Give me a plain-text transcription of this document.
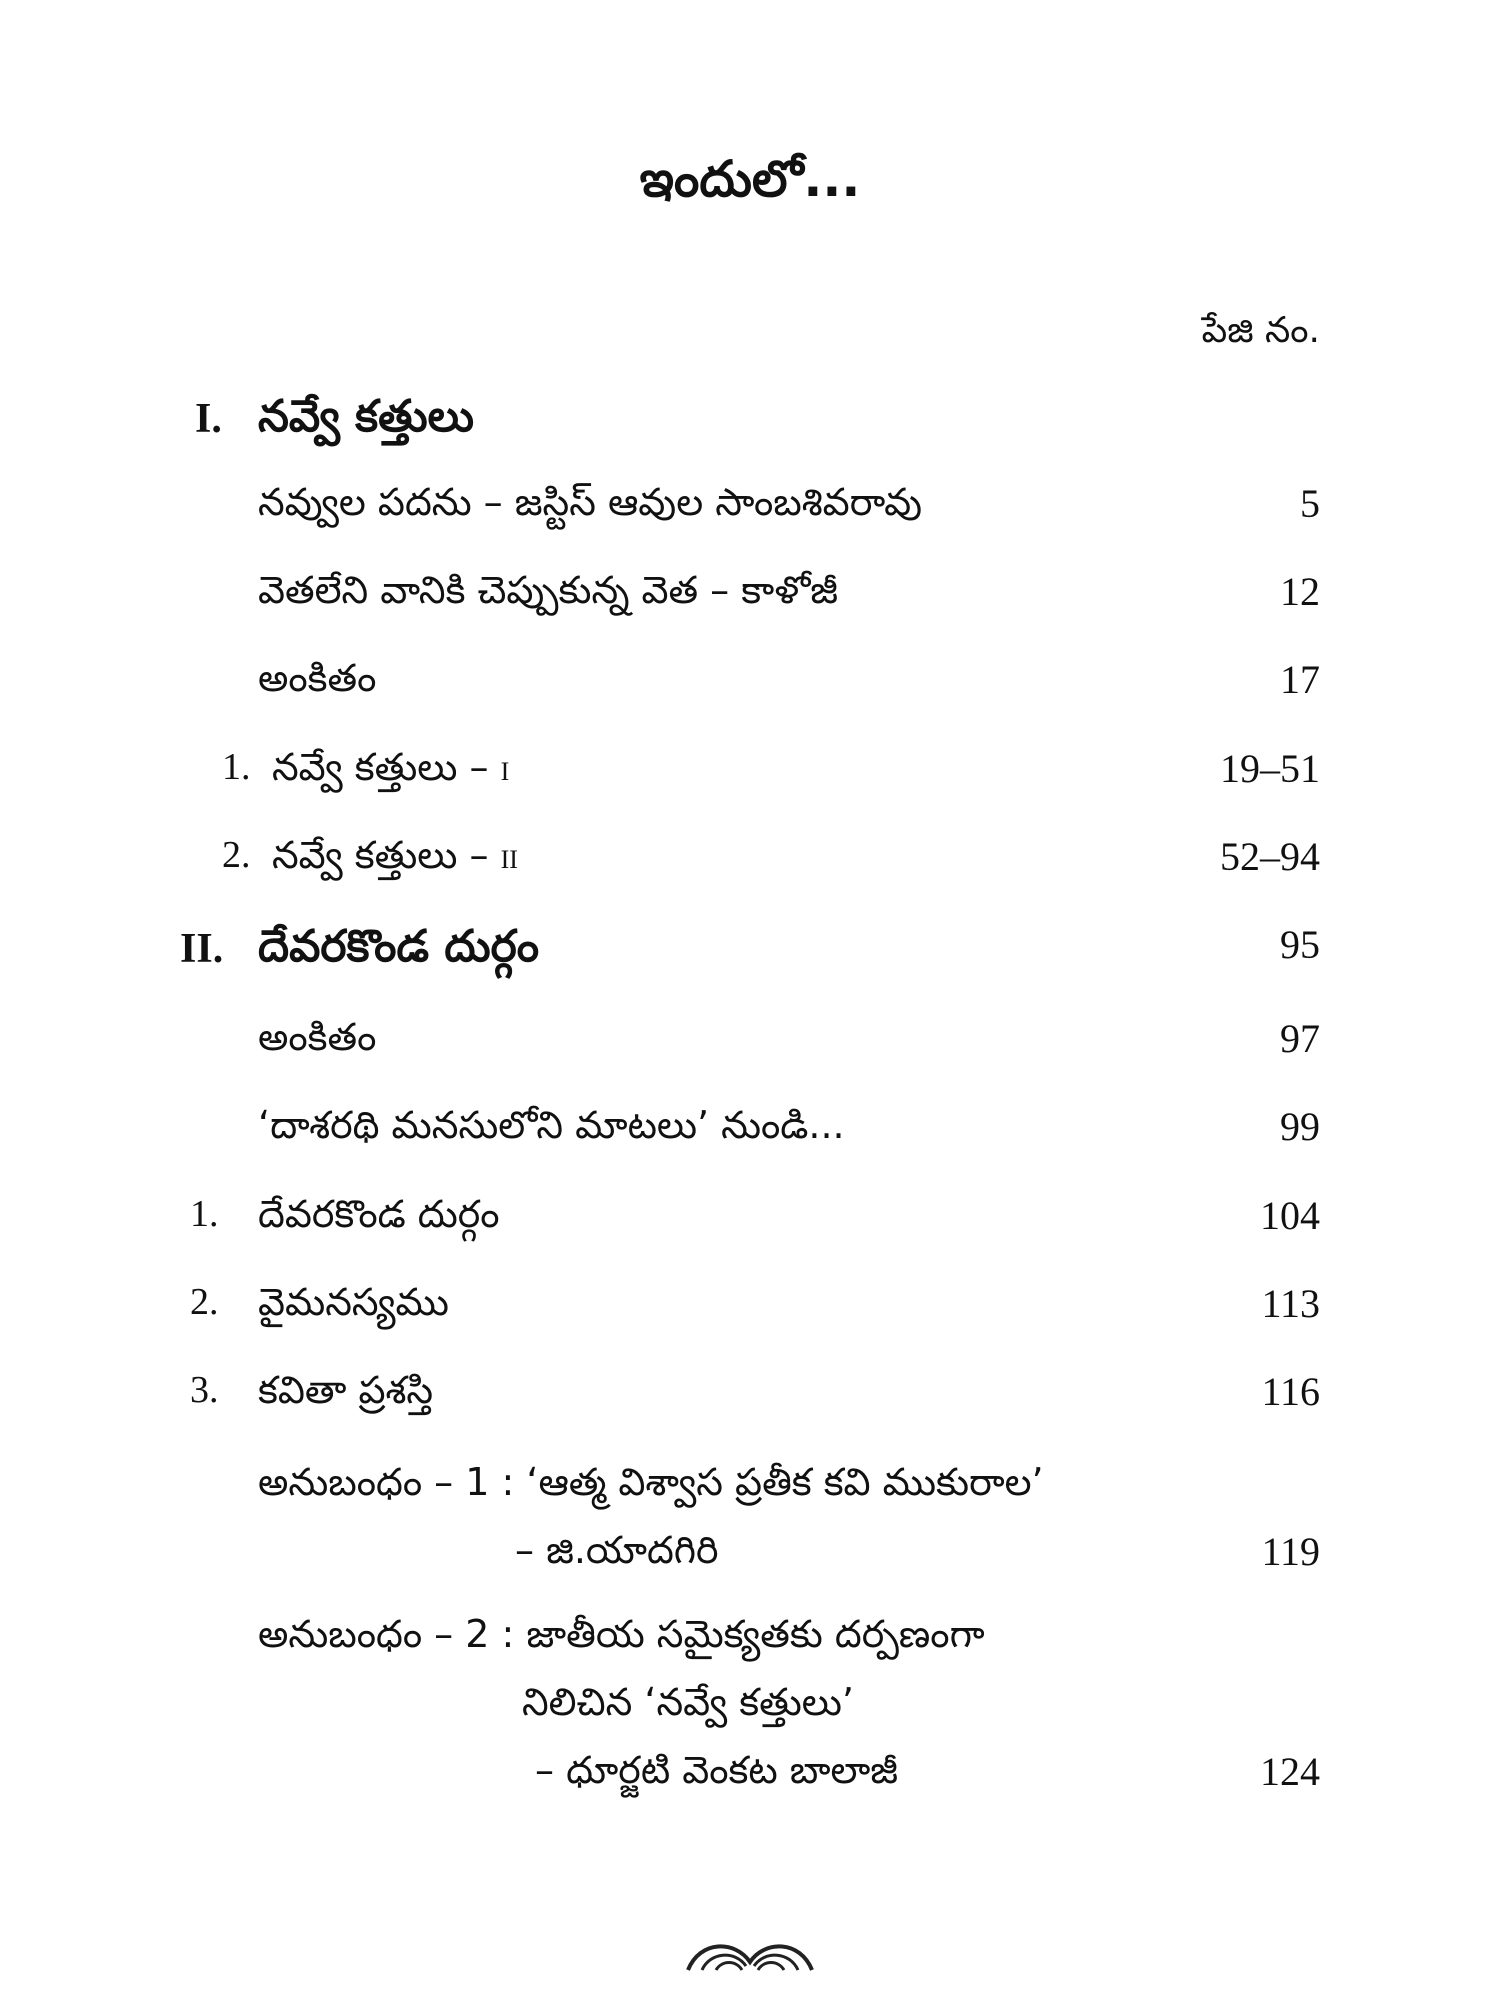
ఇందులో...
పేజి నం.
I. నవ్వే కత్తులు
నవ్వుల పదను – జస్టిస్ ఆవుల సాంబశివరావు	5
వెతలేని వానికి చెప్పుకున్న వెత – కాళోజీ	12
అంకితం	17
1. నవ్వే కత్తులు – I	19–51
2. నవ్వే కత్తులు – II	52–94
II. దేవరకొండ దుర్గం	95
అంకితం	97
‘దాశరథి మనసులోని మాటలు’ నుండి...	99
1. దేవరకొండ దుర్గం	104
2. వైమనస్యము	113
3. కవితా ప్రశస్తి	116
అనుబంధం – 1 : ‘ఆత్మ విశ్వాస ప్రతీక కవి ముకురాల’
– జి.యాదగిరి	119
అనుబంధం – 2 : జాతీయ సమైక్యతకు దర్పణంగా
నిలిచిన ‘నవ్వే కత్తులు’
– ధూర్జటి వెంకట బాలాజీ	124
